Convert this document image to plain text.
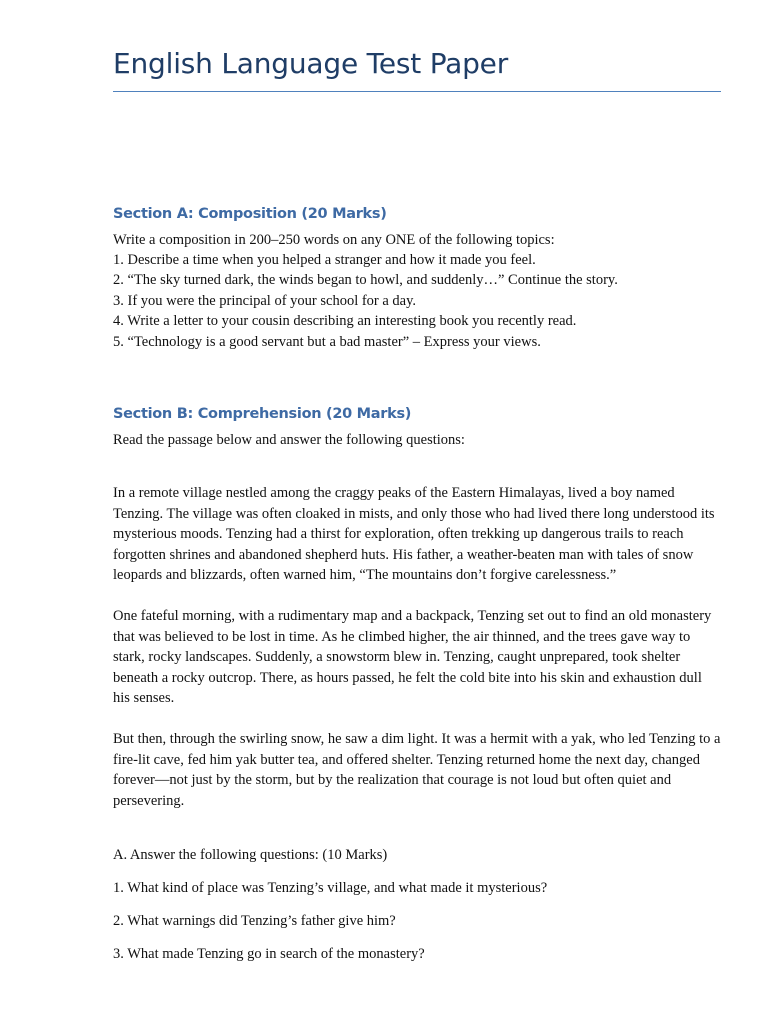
English Language Test Paper
Section A: Composition (20 Marks)
Write a composition in 200–250 words on any ONE of the following topics:
1. Describe a time when you helped a stranger and how it made you feel.
2. “The sky turned dark, the winds began to howl, and suddenly…” Continue the story.
3. If you were the principal of your school for a day.
4. Write a letter to your cousin describing an interesting book you recently read.
5. “Technology is a good servant but a bad master” – Express your views.
Section B: Comprehension (20 Marks)
Read the passage below and answer the following questions:
In a remote village nestled among the craggy peaks of the Eastern Himalayas, lived a boy named Tenzing. The village was often cloaked in mists, and only those who had lived there long understood its mysterious moods. Tenzing had a thirst for exploration, often trekking up dangerous trails to reach forgotten shrines and abandoned shepherd huts. His father, a weather-beaten man with tales of snow leopards and blizzards, often warned him, “The mountains don’t forgive carelessness.”
One fateful morning, with a rudimentary map and a backpack, Tenzing set out to find an old monastery that was believed to be lost in time. As he climbed higher, the air thinned, and the trees gave way to stark, rocky landscapes. Suddenly, a snowstorm blew in. Tenzing, caught unprepared, took shelter beneath a rocky outcrop. There, as hours passed, he felt the cold bite into his skin and exhaustion dull his senses.
But then, through the swirling snow, he saw a dim light. It was a hermit with a yak, who led Tenzing to a fire-lit cave, fed him yak butter tea, and offered shelter. Tenzing returned home the next day, changed forever—not just by the storm, but by the realization that courage is not loud but often quiet and persevering.
A. Answer the following questions: (10 Marks)
1. What kind of place was Tenzing’s village, and what made it mysterious?
2. What warnings did Tenzing’s father give him?
3. What made Tenzing go in search of the monastery?
